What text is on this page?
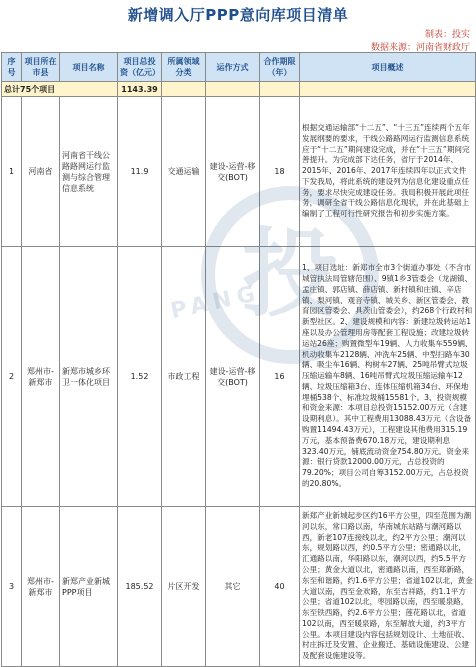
新增调入厅PPP意向库项目清单
制表：投实
数据来源：河南省财政厅
序号	项目所在市县	项目名称	项目总投资（亿元）	所属领域分类	运作方式	合作期限（年）	项目概述
总计75个项目			1143.39				
1	河南省	河南省干线公路路网运行监测与综合管理信息系统	11.9	交通运输	建设-运营-移交(BOT)	18	根据交通运输部“十二五”、“十三五”连续两个五年发展纲要的要求，干线公路路网运行监测信息系统应于“十二五”期间建设完成，并在“十三五”期间完善提升。为完成部下达任务，省厅于2014年、2015年、2016年、2017年连续四年以正式文件下发我局，将此系统的建设列为信息化建设重点任务，要求尽快完成建设任务。我局积极开展此项任务，调研全省干线公路信息化现状，并在此基础上编制了工程可行性研究报告和初步实施方案。
2	郑州市-新郑市	新郑市城乡环卫一体化项目	1.52	市政工程	建设-运营-移交(BOT)	16	1、项目选址：新郑市全市3个街道办事处（不含市城管执法局管辖范围）、9镇1乡3管委会（龙湖镇、孟庄镇、郭店镇、薛店镇、新村镇和庄镇、辛店镇、梨河镇、观音寺镇、城关乡、新区管委会、教育园区管委会、具茨山管委会），约268个行政村和新型社区。2、建设规模和内容：新建垃圾转运站1座以及办公管理用房等配套工程设施；改建垃圾转运站26座；购置微型车19辆、人力收集车559辆、机动收集车2128辆、冲洗车25辆、中型扫路车30辆、吸尘车16辆、构树车27辆、25吨吊臂式垃圾压缩运输车8辆、16吨吊臂式垃圾压缩运输车12辆、垃圾压缩箱3台、连体压缩机箱34台、环保地埋桶538个、标准垃圾桶15581个。3、投资规模和资金来源：本项目总投资15152.00万元（含建设期利息）。其中工程费用13088.43万元（含设备购置11494.43万元），工程建设其他费用315.19万元，基本预备费670.18万元，建设期利息323.40万元，铺底流动资金754.80万元。资金来源：银行贷款12000.00万元，占总投资的79.20%；项目公司自筹3152.00万元，占总投资的20.80%。
3	郑州市-新郑市	新郑产业新城PPP项目	185.52	片区开发	其它	40	新郑产业新城起步区约16平方公里，四至范围为潮河以东，常口路以南，华南城东站路与潮河路以西，新老107连接线以北，约2平方公里；潮河以东，规划路以西，约0.5平方公里；密通路以北，汇通路以南，华阳路以东，潮河以西，约5.5平方公里；黄金大道以北，密通路以南，西至郑新路，东至和谐路，约1.6平方公里；省道102以北，黄金大道以南，西至金欢路，东至吉祥路，约1.1平方公里；省道102以北，枣园路以南，西至暖泉路，东至铁西路，约2.6平方公里；莲花路以北，省道102以南，西至暖泉路，东至解放大道，约3平方公里。本项目建设内容包括规划设计、土地征收、村庄拆迁及安置、企业搬迁、基础设施建设、公建及配套设施建设等。
投
PANG
